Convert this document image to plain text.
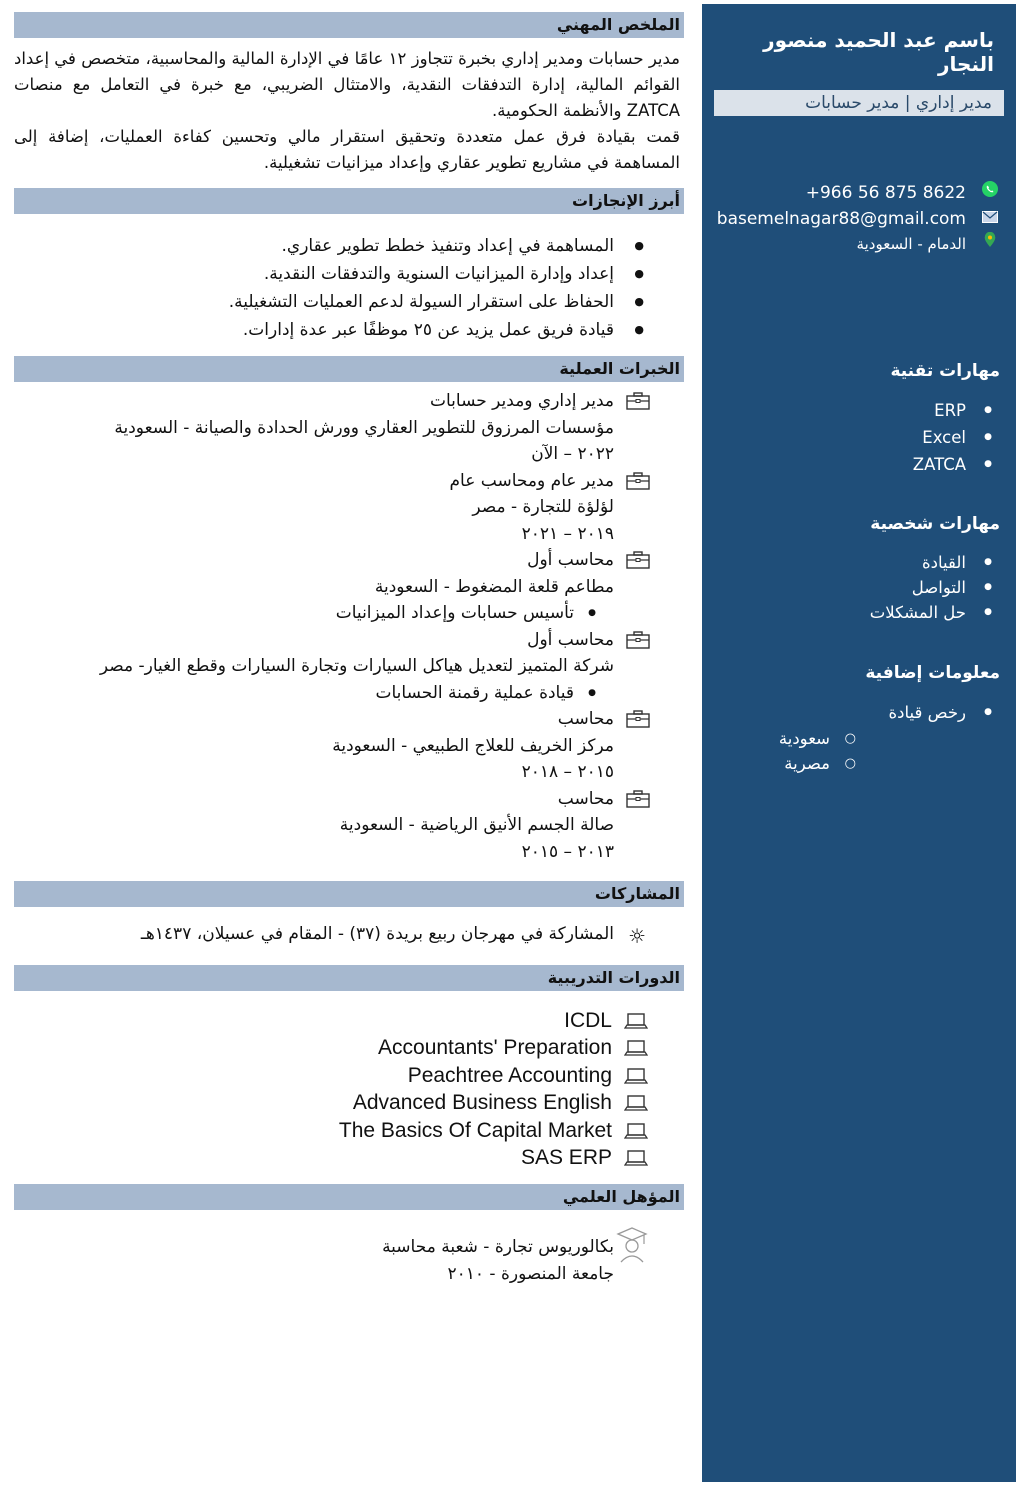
الملخص المهني

مدير حسابات ومدير إداري بخبرة تتجاوز ١٢ عامًا في الإدارة المالية والمحاسبية، متخصص في إعداد القوائم المالية، إدارة التدفقات النقدية، والامتثال الضريبي، مع خبرة في التعامل مع منصات ZATCA والأنظمة الحكومية.

قمت بقيادة فرق عمل متعددة وتحقيق استقرار مالي وتحسين كفاءة العمليات، إضافة إلى المساهمة في مشاريع تطوير عقاري وإعداد ميزانيات تشغيلية.

أبرز الإنجازات
● المساهمة في إعداد وتنفيذ خطط تطوير عقاري.
● إعداد وإدارة الميزانيات السنوية والتدفقات النقدية.
● الحفاظ على استقرار السيولة لدعم العمليات التشغيلية.
● قيادة فريق عمل يزيد عن ٢٥ موظفًا عبر عدة إدارات.
الخبرات العملية
مدير إداري ومدير حسابات
مؤسسات المرزوق للتطوير العقاري وورش الحدادة والصيانة - السعودية
٢٠٢٢ – الآن
مدير عام ومحاسب عام
لؤلؤة للتجارة - مصر
٢٠١٩ – ٢٠٢١
محاسب أول
مطاعم قلعة المضغوط - السعودية
● تأسيس حسابات وإعداد الميزانيات
محاسب أول
شركة المتميز لتعديل هياكل السيارات وتجارة السيارات وقطع الغيار- مصر
● قيادة عملية رقمنة الحسابات
محاسب
مركز الخريف للعلاج الطبيعي - السعودية
٢٠١٥ – ٢٠١٨
محاسب
صالة الجسم الأنيق الرياضية - السعودية
٢٠١٣ – ٢٠١٥
المشاركات
☼
المشاركة في مهرجان ربيع بريدة (٣٧) - المقام في عسيلان، ١٤٣٧هـ
الدورات التدريبية
ICDL
Accountants' Preparation
Peachtree Accounting
Advanced Business English
The Basics Of Capital Market
SAS ERP
المؤهل العلمي
بكالوريوس تجارة - شعبة محاسبة
جامعة المنصورة - ٢٠١٠
باسم عبد الحميد منصور النجار
مدير إداري | مدير حسابات
+966 56 875 8622
basemelnagar88@gmail.com
الدمام - السعودية
مهارات تقنية
● ERP
● Excel
● ZATCA
مهارات شخصية
● القيادة
● التواصل
● حل المشكلات
معلومات إضافية
● رخص قيادة
○ سعودية
○ مصرية
